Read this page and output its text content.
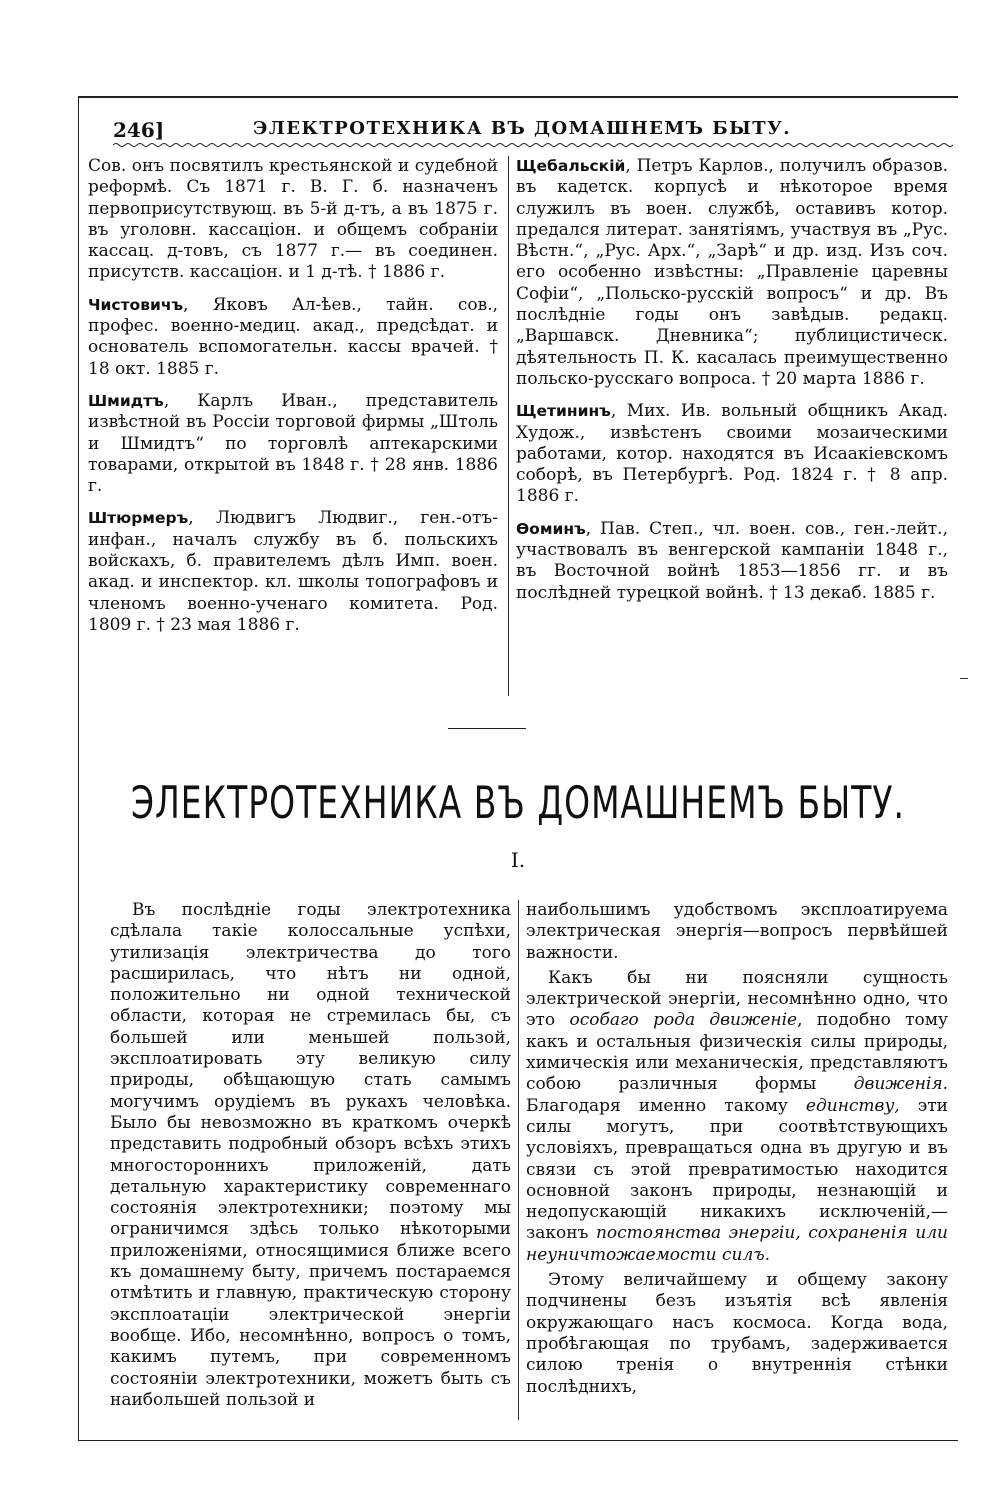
246]	ЭЛЕКТРОТЕХНИКА ВЪ ДОМАШНЕМЪ БЫТУ.

Сов. онъ посвятилъ крестьянской и судебной реформѣ. Съ 1871 г. В. Г. б. назначенъ первоприсутствующ. въ 5-й д-тъ, а въ 1875 г. въ уголовн. кассаціон. и общемъ собраніи кассац. д-товъ, съ 1877 г.— въ соединен. присутств. кассаціон. и 1 д-тѣ. † 1886 г.

Чистовичъ, Яковъ Ал-ѣев., тайн. сов., профес. военно-медиц. акад., предсѣдат. и основатель вспомогательн. кассы врачей. † 18 окт. 1885 г.

Шмидтъ, Карлъ Иван., представитель извѣстной въ Россіи торговой фирмы „Штоль и Шмидтъ“ по торговлѣ аптекарскими товарами, открытой въ 1848 г. † 28 янв. 1886 г.

Штюрмеръ, Людвигъ Людвиг., ген.-отъ-инфан., началъ службу въ б. польскихъ войскахъ, б. правителемъ дѣлъ Имп. воен. акад. и инспектор. кл. школы топографовъ и членомъ военно-ученаго комитета. Род. 1809 г. † 23 мая 1886 г.

Щебальскій, Петръ Карлов., получилъ образов. въ кадетск. корпусѣ и нѣкоторое время служилъ въ воен. службѣ, оставивъ котор. предался литерат. занятіямъ, участвуя въ „Рус. Вѣстн.“, „Рус. Арх.“, „Зарѣ“ и др. изд. Изъ соч. его особенно извѣстны: „Правленіе царевны Софіи“, „Польско-русскій вопросъ“ и др. Въ послѣдніе годы онъ завѣдыв. редакц. „Варшавск. Дневника“; публицистическ. дѣятельность П. К. касалась преимущественно польско-русскаго вопроса. † 20 марта 1886 г.

Щетининъ, Мих. Ив. вольный общникъ Акад. Худож., извѣстенъ своими мозаическими работами, котор. находятся въ Исаакіевскомъ соборѣ, въ Петербургѣ. Род. 1824 г. † 8 апр. 1886 г.

Ѳоминъ, Пав. Степ., чл. воен. сов., ген.-лейт., участвовалъ въ венгерской кампаніи 1848 г., въ Восточной войнѣ 1853—1856 гг. и въ послѣдней турецкой войнѣ. † 13 декаб. 1885 г.

ЭЛЕКТРОТЕХНИКА ВЪ ДОМАШНЕМЪ БЫТУ.
I.

Въ послѣдніе годы электротехника сдѣлала такіе колоссальные успѣхи, утилизація электричества до того расширилась, что нѣтъ ни одной, положительно ни одной технической области, которая не стремилась бы, съ большей или меньшей пользой, эксплоатировать эту великую силу природы, обѣщающую стать самымъ могучимъ орудіемъ въ рукахъ человѣка. Было бы невозможно въ краткомъ очеркѣ представить подробный обзоръ всѣхъ этихъ многостороннихъ приложеній, дать детальную характеристику современнаго состоянія электротехники; поэтому мы ограничимся здѣсь только нѣкоторыми приложеніями, относящимися ближе всего къ домашнему быту, причемъ постараемся отмѣтить и главную, практическую сторону эксплоатаціи электрической энергіи вообще. Ибо, несомнѣнно, вопросъ о томъ, какимъ путемъ, при современномъ состояніи электротехники, можетъ быть съ наибольшей пользой и

наибольшимъ удобствомъ эксплоатируема электрическая энергія—вопросъ первѣйшей важности.

Какъ бы ни поясняли сущность электрической энергіи, несомнѣнно одно, что это особаго рода движеніе, подобно тому какъ и остальныя физическія силы природы, химическія или механическія, представляютъ собою различныя формы движенія. Благодаря именно такому единству, эти силы могутъ, при соотвѣтствующихъ условіяхъ, превращаться одна въ другую и въ связи съ этой превратимостью находится основной законъ природы, незнающій и недопускающій никакихъ исключеній,—законъ постоянства энергіи, сохраненія или неуничтожаемости силъ.

Этому величайшему и общему закону подчинены безъ изъятія всѣ явленія окружающаго насъ космоса. Когда вода, пробѣгающая по трубамъ, задерживается силою тренія о внутреннія стѣнки послѣднихъ,
